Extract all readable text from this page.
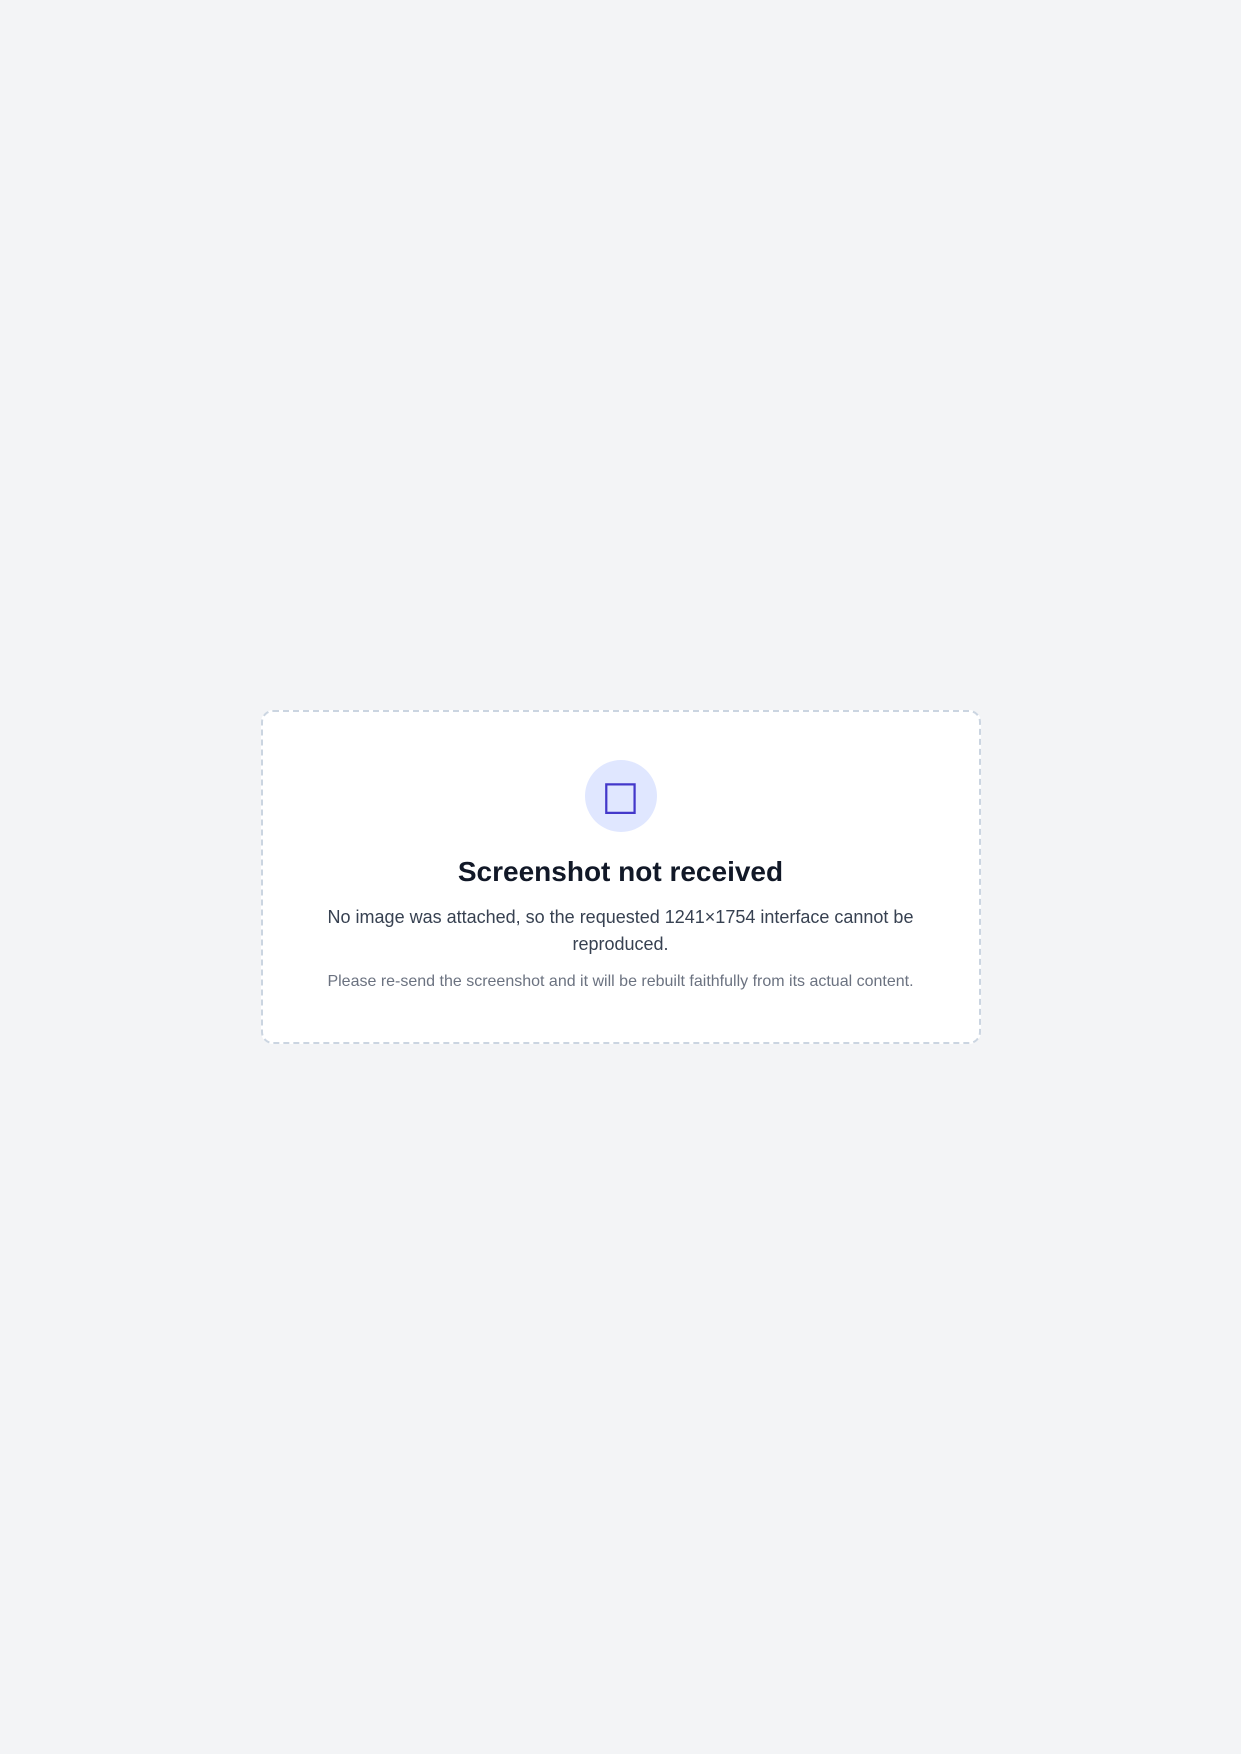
□
Screenshot not received

No image was attached, so the requested 1241×1754 interface cannot be reproduced.

Please re-send the screenshot and it will be rebuilt faithfully from its actual content.
